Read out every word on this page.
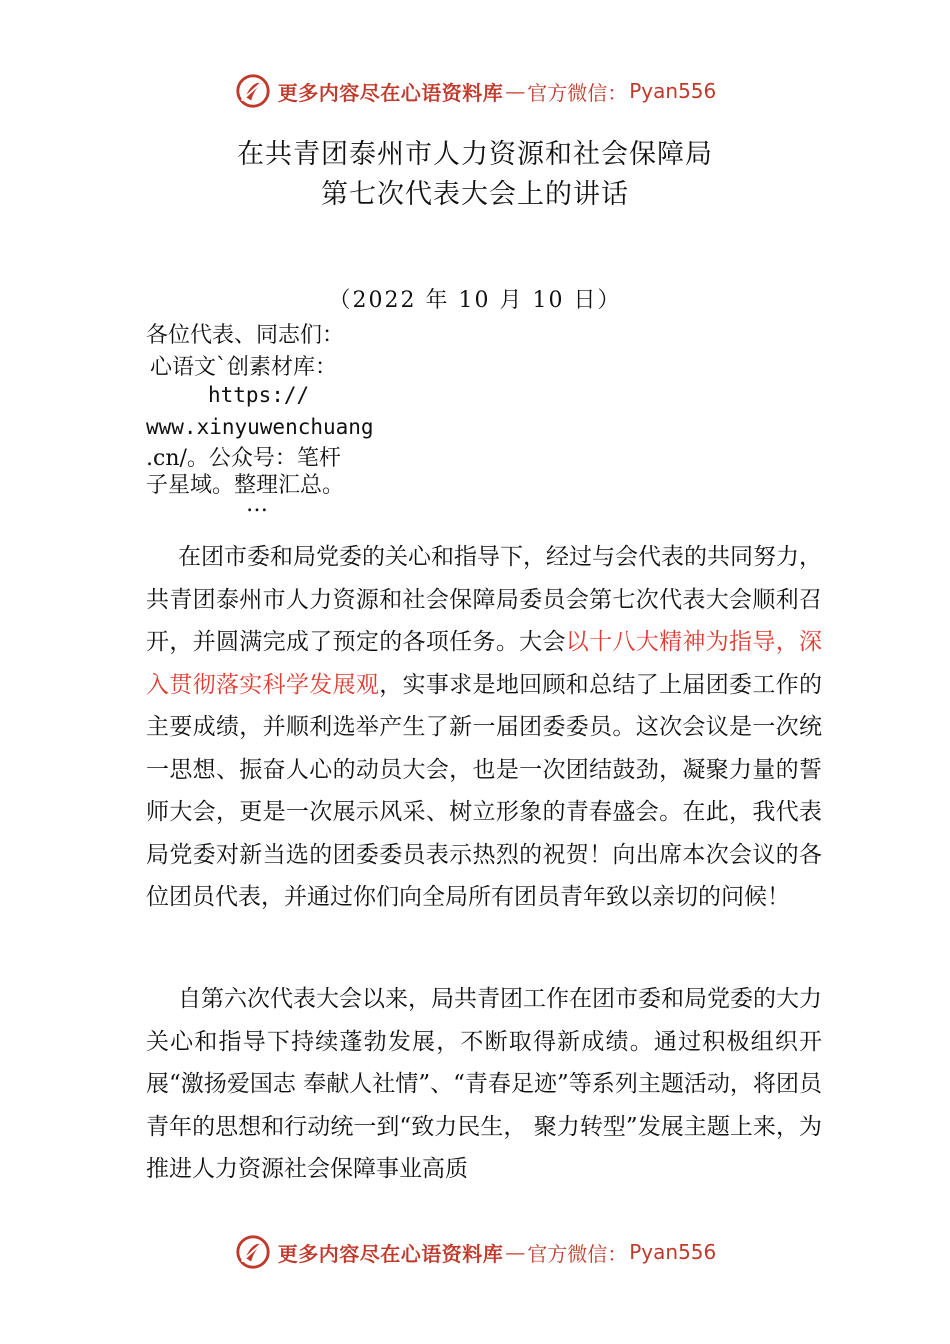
更多内容尽在心语资料库 — 官方微信： Pyan556
在共青团泰州市人力资源和社会保障局
第七次代表大会上的讲话
（2022 年 10 月 10 日）
各位代表、同志们：
心语文`创素材库：
https://
www.xinyuwenchuang
.cn/。公众号：笔杆
子星域。整理汇总。
…
在团市委和局党委的关心和指导下，经过与会代表的共同努力，共青团泰州市人力资源和社会保障局委员会第七次代表大会顺利召开，并圆满完成了预定的各项任务。大会以十八大精神为指导，深入贯彻落实科学发展观，实事求是地回顾和总结了上届团委工作的主要成绩，并顺利选举产生了新一届团委委员。这次会议是一次统一思想、振奋人心的动员大会，也是一次团结鼓劲，凝聚力量的誓师大会，更是一次展示风采、树立形象的青春盛会。在此，我代表局党委对新当选的团委委员表示热烈的祝贺！向出席本次会议的各位团员代表，并通过你们向全局所有团员青年致以亲切的问候！
自第六次代表大会以来，局共青团工作在团市委和局党委的大力关心和指导下持续蓬勃发展，不断取得新成绩。通过积极组织开展“激扬爱国志 奉献人社情”、“青春足迹”等系列主题活动，将团员青年的思想和行动统一到“致力民生， 聚力转型”发展主题上来，为推进人力资源社会保障事业高质
更多内容尽在心语资料库 — 官方微信： Pyan556
